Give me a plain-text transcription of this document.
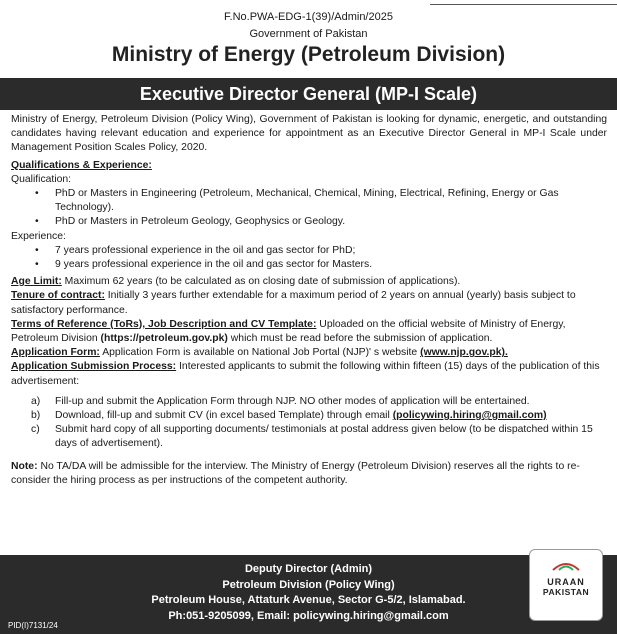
F.No.PWA-EDG-1(39)/Admin/2025
Government of Pakistan
Ministry of Energy (Petroleum Division)
Executive Director General (MP-I Scale)

Ministry of Energy, Petroleum Division (Policy Wing), Government of Pakistan is looking for dynamic, energetic, and outstanding candidates having relevant education and experience for appointment as an Executive Director General in MP-I Scale under Management Position Scales Policy, 2020.

Qualifications & Experience:

Qualification:

• PhD or Masters in Engineering (Petroleum, Mechanical, Chemical, Mining, Electrical, Refining, Energy or Gas Technology).
• PhD or Masters in Petroleum Geology, Geophysics or Geology.

Experience:

• 7 years professional experience in the oil and gas sector for PhD;
• 9 years professional experience in the oil and gas sector for Masters.

Age Limit: Maximum 62 years (to be calculated as on closing date of submission of applications).

Tenure of contract: Initially 3 years further extendable for a maximum period of 2 years on annual (yearly) basis subject to satisfactory performance.

Terms of Reference (ToRs), Job Description and CV Template: Uploaded on the official website of Ministry of Energy, Petroleum Division (https://petroleum.gov.pk) which must be read before the submission of application.

Application Form: Application Form is available on National Job Portal (NJP)' s website (www.njp.gov.pk).

Application Submission Process: Interested applicants to submit the following within fifteen (15) days of the publication of this advertisement:

a) Fill-up and submit the Application Form through NJP. NO other modes of application will be entertained.
b) Download, fill-up and submit CV (in excel based Template) through email (policywing.hiring@gmail.com)
c) Submit hard copy of all supporting documents/ testimonials at postal address given below (to be dispatched within 15 days of advertisement).

Note: No TA/DA will be admissible for the interview. The Ministry of Energy (Petroleum Division) reserves all the rights to re-consider the hiring process as per instructions of the competent authority.

Deputy Director (Admin)
Petroleum Division (Policy Wing)
Petroleum House, Attaturk Avenue, Sector G-5/2, Islamabad.
Ph:051-9205099, Email: policywing.hiring@gmail.com
PID(I)7131/24
URAAN
PAKISTAN
